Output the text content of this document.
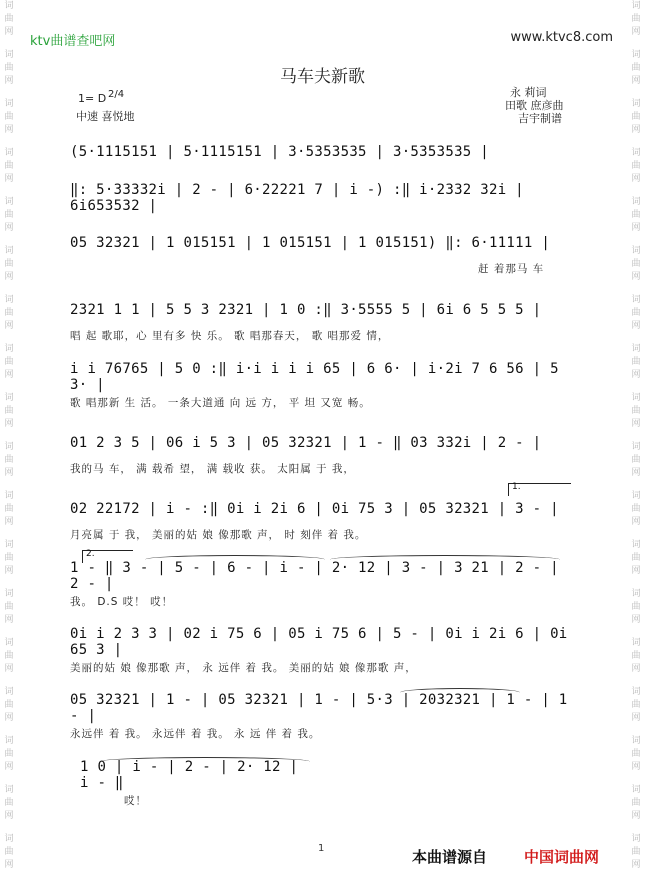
词
曲
网
词
曲
网
词
曲
网
词
曲
网
词
曲
网
词
曲
网
词
曲
网
词
曲
网
词
曲
网
词
曲
网
词
曲
网
词
曲
网
词
曲
网
词
曲
网
词
曲
网
词
曲
网
词
曲
网
词
曲
网
词
曲
网
词
曲
网
词
曲
网
词
曲
网
词
曲
网
词
曲
网
词
曲
网
词
曲
网
词
曲
网
词
曲
网
词
曲
网
词
曲
网
词
曲
网
词
曲
网
词
曲
网
词
曲
网
词
曲
网
词
曲
网
ktv曲谱查吧网	www.ktvc8.com
马车夫新歌
1= D 2/4
中速 喜悦地
永 莉词
田歌 庶彦曲
吉宇制谱
(5·1115151 | 5·1115151 | 3·5353535 | 3·5353535 |
‖: 5·33332i | 2 - | 6·22221 7 | i -) :‖ i·2332 32i | 6i653532 |
05 32321 | 1 015151 | 1 015151 | 1 015151) ‖: 6·11111 |
赶 着那马 车
2321 1 1 | 5 5 3 2321 | 1 0 :‖ 3·5555 5 | 6i 6 5 5 5 |
唱 起 歌耶，心 里有多 快 乐。 歌 唱那春天， 歌 唱那爱 情，
i i 76765 | 5 0 :‖ i·i i i i 65 | 6 6· | i·2i 7 6 56 | 5 3· |
歌 唱那新 生 活。 一条大道通 向 远 方， 平 坦 又宽 畅。
01 2 3 5 | 06 i 5 3 | 05 32321 | 1 - ‖ 03 332i | 2 - |
我的马 车， 满 载希 望， 满 载收 获。 太阳属 于 我，
02 22172 | i - :‖ 0i i 2i 6 | 0i 75 3 | 05 32321 | 3 - |
月亮属 于 我， 美丽的姑 娘 像那歌 声， 时 刻伴 着 我。
1 - ‖ 3 - | 5 - | 6 - | i - | 2· 12 | 3 - | 3 21 | 2 - | 2 - |
我。 D.S 哎！ 哎！
0i i 2 3 3 | 02 i 75 6 | 05 i 75 6 | 5 - | 0i i 2i 6 | 0i 65 3 |
美丽的姑 娘 像那歌 声， 永 远伴 着 我。 美丽的姑 娘 像那歌 声，
05 32321 | 1 - | 05 32321 | 1 - | 5·3 | 2032321 | 1 - | 1 - |
永远伴 着 我。 永远伴 着 我。 永 远 伴 着 我。
1 0 | i - | 2 - | 2· 12 | i - ‖
哎！
1.
2.
1	本曲谱源自 中国词曲网
